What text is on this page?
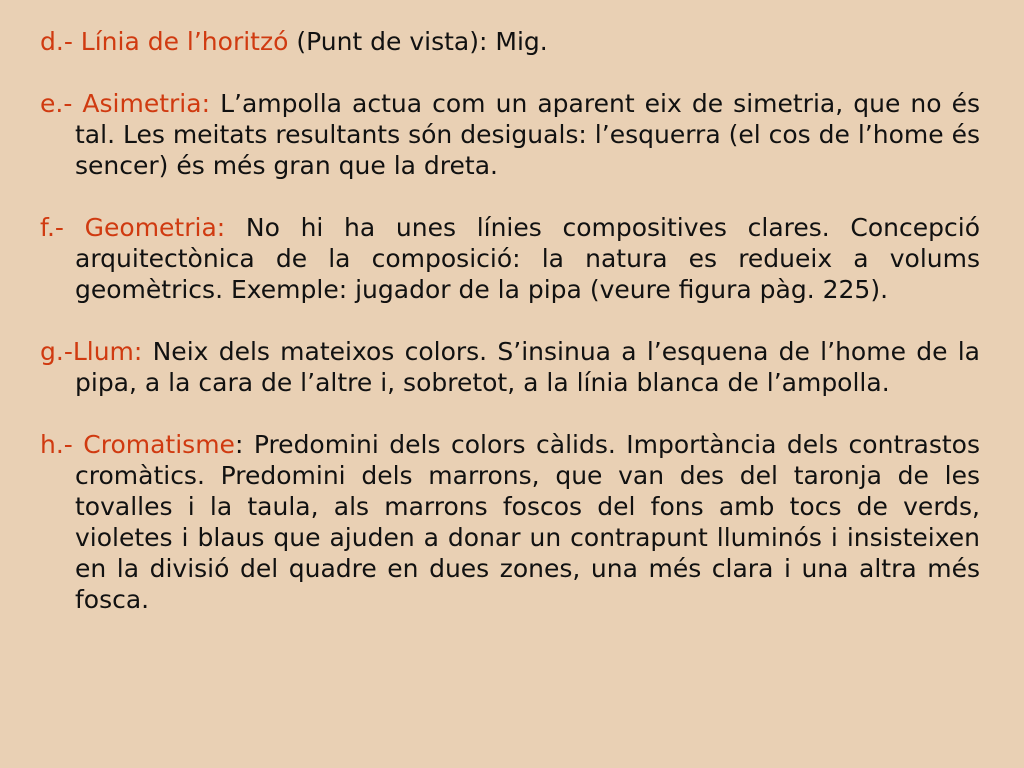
d.- Línia de l’horitzó (Punt de vista): Mig.

e.- Asimetria: L’ampolla actua com un aparent eix de simetria, que no és tal. Les meitats resultants són desiguals: l’esquerra (el cos de l’home és sencer) és més gran que la dreta.

f.- Geometria: No hi ha unes línies compositives clares. Concepció arquitectònica de la composició: la natura es redueix a volums geomètrics. Exemple: jugador de la pipa (veure figura pàg. 225).

g.-Llum: Neix dels mateixos colors. S’insinua a l’esquena de l’home de la pipa, a la cara de l’altre i, sobretot, a la línia blanca de l’ampolla.

h.- Cromatisme: Predomini dels colors càlids. Importància dels contrastos cromàtics. Predomini dels marrons, que van des del taronja de les tovalles i la taula, als marrons foscos del fons amb tocs de verds, violetes i blaus que ajuden a donar un contrapunt lluminós i insisteixen en la divisió del quadre en dues zones, una més clara i una altra més fosca.
